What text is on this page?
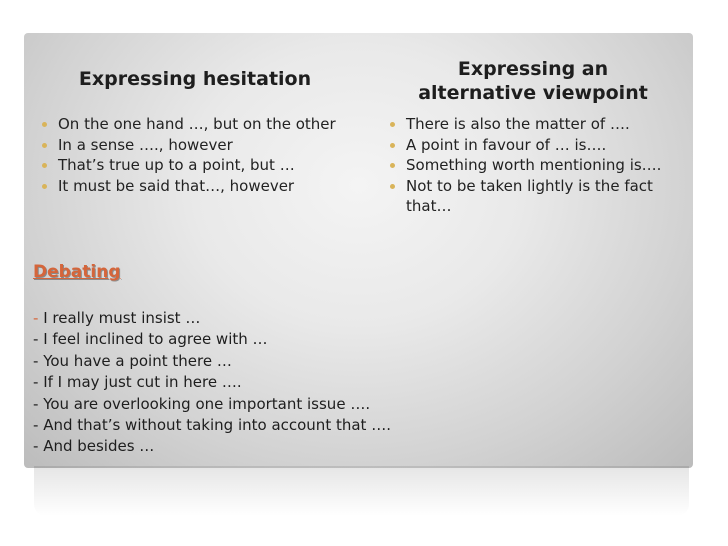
Expressing hesitation	Expressing an
alternative viewpoint
On the one hand …, but on the other
In a sense …., however
That’s true up to a point, but …
It must be said that…, however
There is also the matter of ….
A point in favour of … is….
Something worth mentioning is….
Not to be taken lightly is the fact that…
Debating
- I really must insist …
- I feel inclined to agree with …
- You have a point there …
- If I may just cut in here ….
- You are overlooking one important issue ….
- And that’s without taking into account that ….
- And besides …
